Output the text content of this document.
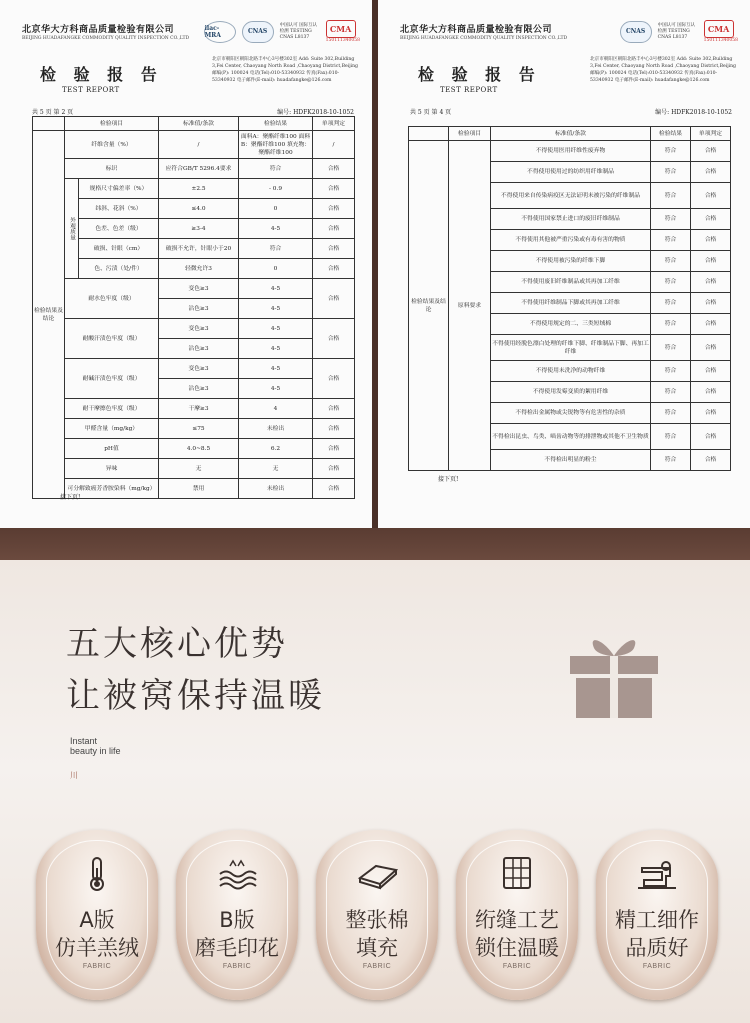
北京华大方科商品质量检验有限公司
BEIJING HUADAFANGKE COMMODITY QUALITY INSPECTION CO.,LTD
ilac-MRA	CNAS
中国认可 国际互认 检测 TESTING CNAS L8137
CMA
150111340058
检 验 报 告
TEST REPORT
北京市朝阳区朝阳北路丰中心3号楼302室 Add: Suite 302,Building 3,Fei Center, Chaoyang North Road ,Chaoyang District,Beijing 邮编(P): 100024 电话(Tel):010-53340932 传真(Fax):010-53340932 电子邮件(E-mail): huadafangke@126.com
共 5 页 第 2 页	编号: HDFK2018-10-1052
	检验项目		标准值/条款	检验结果	单项判定
检验结果及结论	纤维含量（%）		/	面料A：聚酯纤维100 面料B：聚酯纤维100 填充物：聚酯纤维100	/
	标识		应符合GB/T 5296.4要求	符合	合格
	外观质量	规格尺寸偏差率（%）	±2.5	- 0.9	合格
		纬斜、花斜（%）	≤4.0	0	合格
		色差、色差（级）	≥3-4	4-5	合格
		破损、针眼（cm）	破损不允许，针眼小于20	符合	合格
		色、污渍（处/件）	轻微允许3	0	合格
	耐水色牢度（级）		变色≥3	4-5	合格
			沾色≥3	4-5	
	耐酸汗渍色牢度（级）		变色≥3	4-5	合格
			沾色≥3	4-5	
	耐碱汗渍色牢度（级）		变色≥3	4-5	合格
			沾色≥3	4-5	
	耐干摩擦色牢度（级）		干摩≥3	4	合格
	甲醛含量（mg/kg）		≤75	未检出	合格
	pH值		4.0~8.5	6.2	合格
	异味		无	无	合格
	可分解致癌芳香胺染料（mg/kg）		禁用	未检出	合格
接下页!
北京华大方科商品质量检验有限公司
BEIJING HUADAFANGKE COMMODITY QUALITY INSPECTION CO.,LTD
CNAS
中国认可 国际互认 检测 TESTING CNAS L8137
CMA
150111340058
检 验 报 告
TEST REPORT
北京市朝阳区朝阳北路丰中心3号楼302室 Add: Suite 302,Building 3,Fei Center, Chaoyang North Road ,Chaoyang District,Beijing 邮编(P): 100024 电话(Tel):010-53340932 传真(Fax):010-53340932 电子邮件(E-mail): huadafangke@126.com
共 5 页 第 4 页	编号: HDFK2018-10-1052
	检验项目	标准值/条款	检验结果	单项判定
检验结果及结论	原料要求	不得使用医用纤维性废弃物	符合	合格
		不得使用使用过的纺织用纤维制品	符合	合格
		不得使用来自传染病疫区无法证明未被污染的纤维制品	符合	合格
		不得使用国家禁止进口的废旧纤维制品	符合	合格
		不得使用其他被严重污染或有毒有害的物质	符合	合格
		不得使用被污染的纤维下脚	符合	合格
		不得使用废旧纤维制品或其再加工纤维	符合	合格
		不得使用纤维制品下脚或其再加工纤维	符合	合格
		不得使用规定的二、三类短绒棉	符合	合格
		不得使用经脱色漂白处理的纤维下脚、纤维制品下脚、再加工纤维	符合	合格
		不得使用未洗净的动物纤维	符合	合格
		不得使用发霉变质的絮用纤维	符合	合格
		不得检出金属物或尖锐物等有危害性的杂质	符合	合格
		不得检出昆虫、鸟类、啮齿动物等的排泄物或其他不卫生物质	符合	合格
		不得检出明显的粉尘	符合	合格
接下页!
五大核心优势
让被窝保持温暖
Instant
beauty in life
川
A版
仿羊羔绒
FABRIC
B版
磨毛印花
FABRIC
整张棉
填充
FABRIC
绗缝工艺
锁住温暖
FABRIC
精工细作
品质好
FABRIC
